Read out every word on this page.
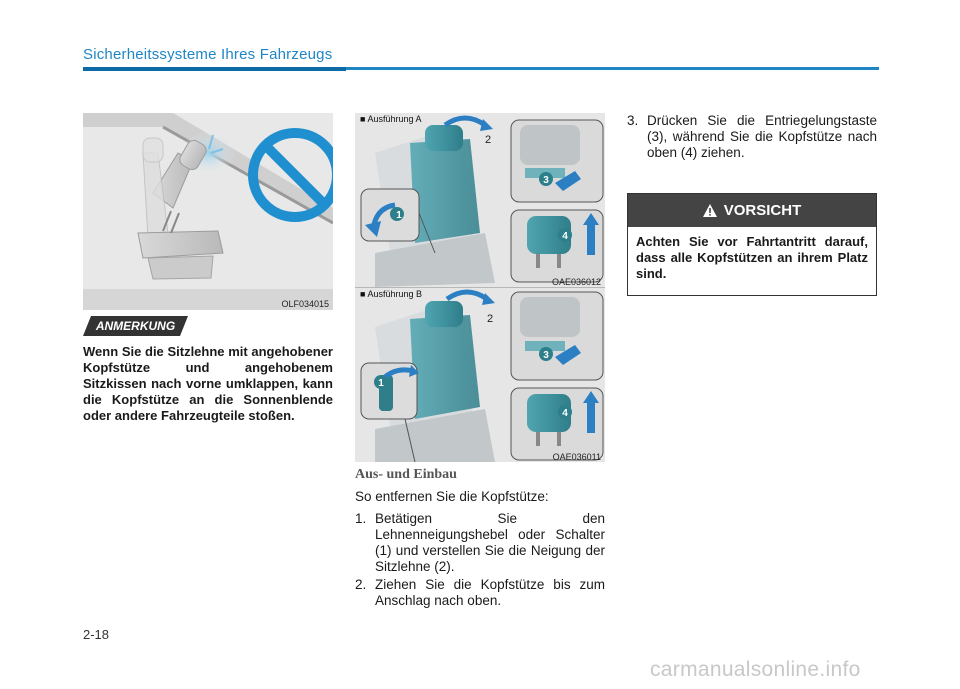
Sicherheitssysteme Ihres Fahrzeugs
OLF034015
ANMERKUNG
Wenn Sie die Sitzlehne mit angehobener Kopfstütze und angehobenem Sitzkissen nach vorne umklappen, kann die Kopfstütze an die Sonnenblende oder andere Fahrzeugteile stoßen.
1
2
3
4
■ Ausführung A
OAE036012
1
2
3
4
■ Ausführung B
OAE036011
Aus- und Einbau
So entfernen Sie die Kopfstütze:
1. Betätigen Sie den Lehnenneigungshebel oder Schalter (1) und verstellen Sie die Neigung der Sitzlehne (2).
2. Ziehen Sie die Kopfstütze bis zum Anschlag nach oben.
3. Drücken Sie die Entriegelungstaste (3), während Sie die Kopfstütze nach oben (4) ziehen.
VORSICHT
Achten Sie vor Fahrtantritt darauf, dass alle Kopfstützen an ihrem Platz sind.
2-18
carmanualsonline.info
